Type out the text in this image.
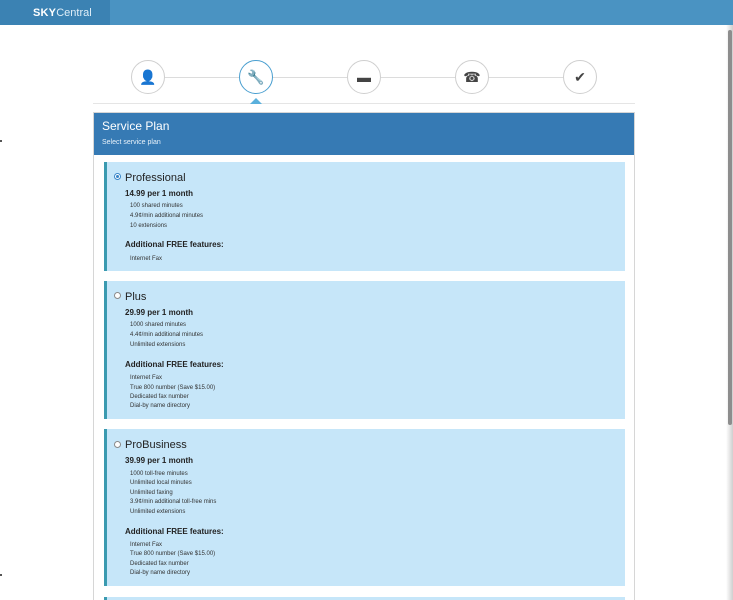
SKY Central
👤	🔧	▬	☎	✔
Service Plan
Select service plan
Professional
14.99 per 1 month
100 shared minutes
4.9¢/min additional minutes
10 extensions
Additional FREE features:
Internet Fax
Plus
29.99 per 1 month
1000 shared minutes
4.4¢/min additional minutes
Unlimited extensions
Additional FREE features:
Internet Fax
True 800 number (Save $15.00)
Dedicated fax number
Dial-by name directory
ProBusiness
39.99 per 1 month
1000 toll-free minutes
Unlimited local minutes
Unlimited faxing
3.9¢/min additional toll-free mins
Unlimited extensions
Additional FREE features:
Internet Fax
True 800 number (Save $15.00)
Dedicated fax number
Dial-by name directory
